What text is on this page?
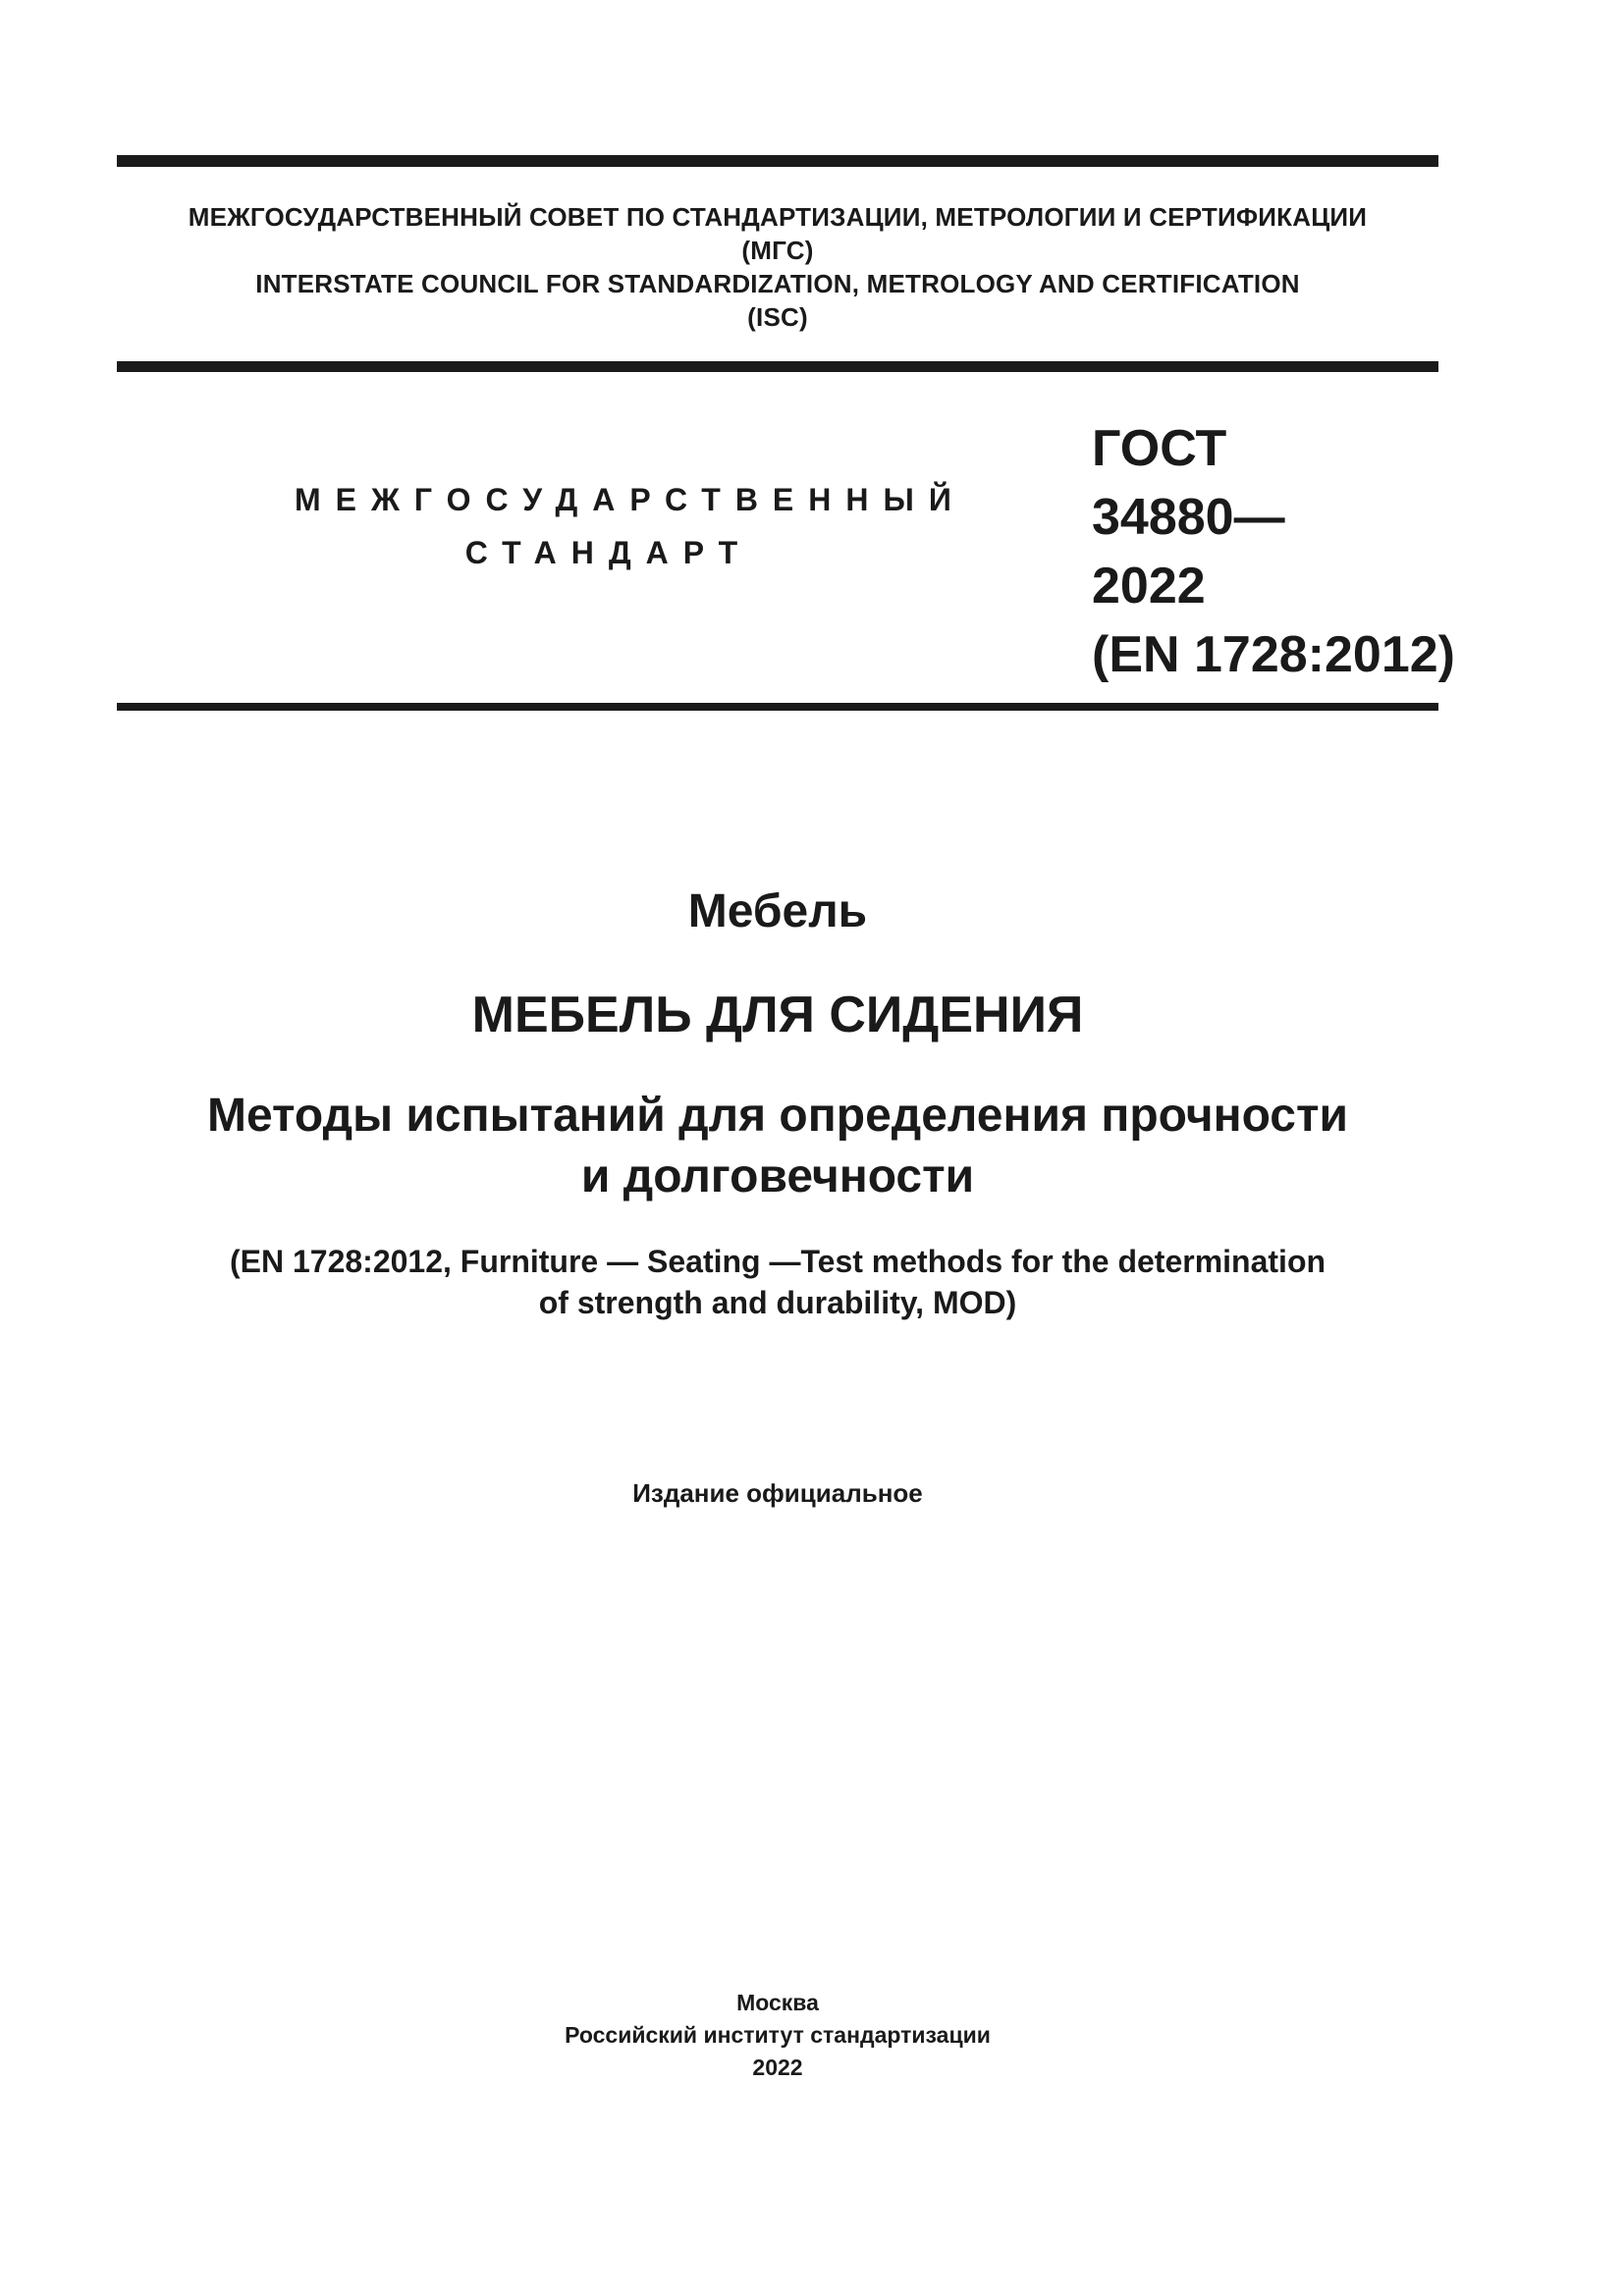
МЕЖГОСУДАРСТВЕННЫЙ СОВЕТ ПО СТАНДАРТИЗАЦИИ, МЕТРОЛОГИИ И СЕРТИФИКАЦИИ
(МГС)
INTERSTATE COUNCIL FOR STANDARDIZATION, METROLOGY AND CERTIFICATION
(ISC)
МЕЖГОСУДАРСТВЕННЫЙ
СТАНДАРТ
ГОСТ
34880—
2022
(EN 1728:2012)
Мебель
МЕБЕЛЬ ДЛЯ СИДЕНИЯ
Методы испытаний для определения прочности
и долговечности
(EN 1728:2012, Furniture — Seating —Test methods for the determination
of strength and durability, MOD)
Издание официальное
Москва
Российский институт стандартизации
2022
